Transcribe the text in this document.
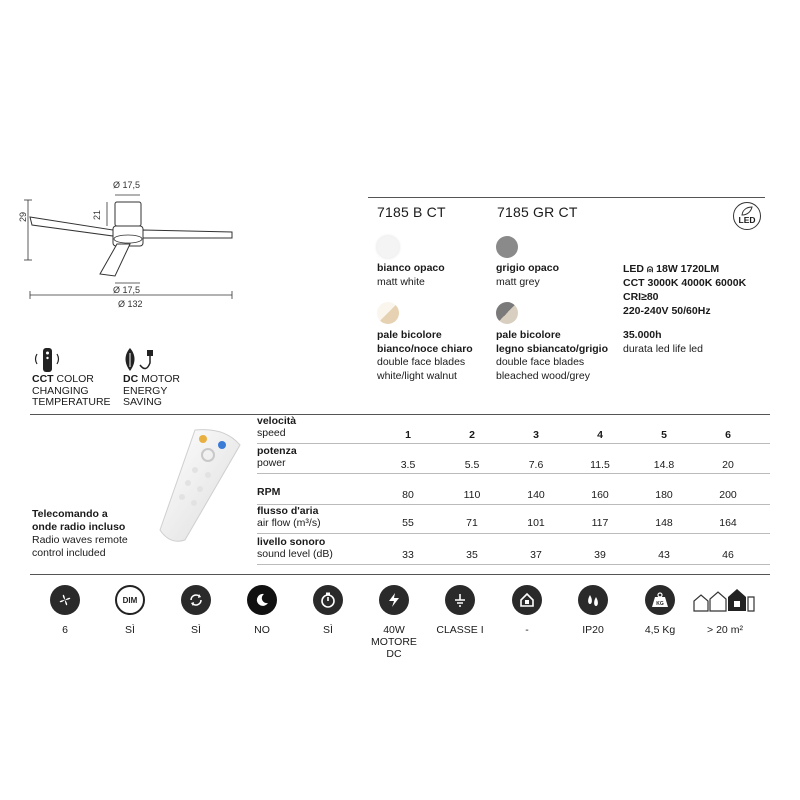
Ø 17,5
Ø 17,5
Ø 132
29	21	7185 B CT	7185 GR CT	LED
bianco opaco
matt white
grigio opaco
matt grey
pale bicolore
bianco/noce chiaro
double face blades
white/light walnut
pale bicolore
legno sbiancato/grigio
double face blades
bleached wood/grey
LED ⍝ 18W 1720LM
CCT 3000K 4000K 6000K
CRI≥80
220-240V 50/60Hz
35.000h
durata led life led
CCT COLOR
CHANGING
TEMPERATURE
DC MOTOR
ENERGY
SAVING
Telecomando a
onde radio incluso
Radio waves remote
control included
velocità
speed	1	2	3	4	5	6
potenza
power	3.5	5.5	7.6	11.5	14.8	20
RPM	80	110	140	160	180	200
flusso d'aria
air flow (m³/s)	55	71	101	117	148	164
livello sonoro
sound level (dB)	33	35	37	39	43	46
6
DIM
SÌ	SÌ	NO	SÌ	40W
MOTORE
DC
CLASSE I	-	IP20
KG
4,5 Kg	> 20 m²
